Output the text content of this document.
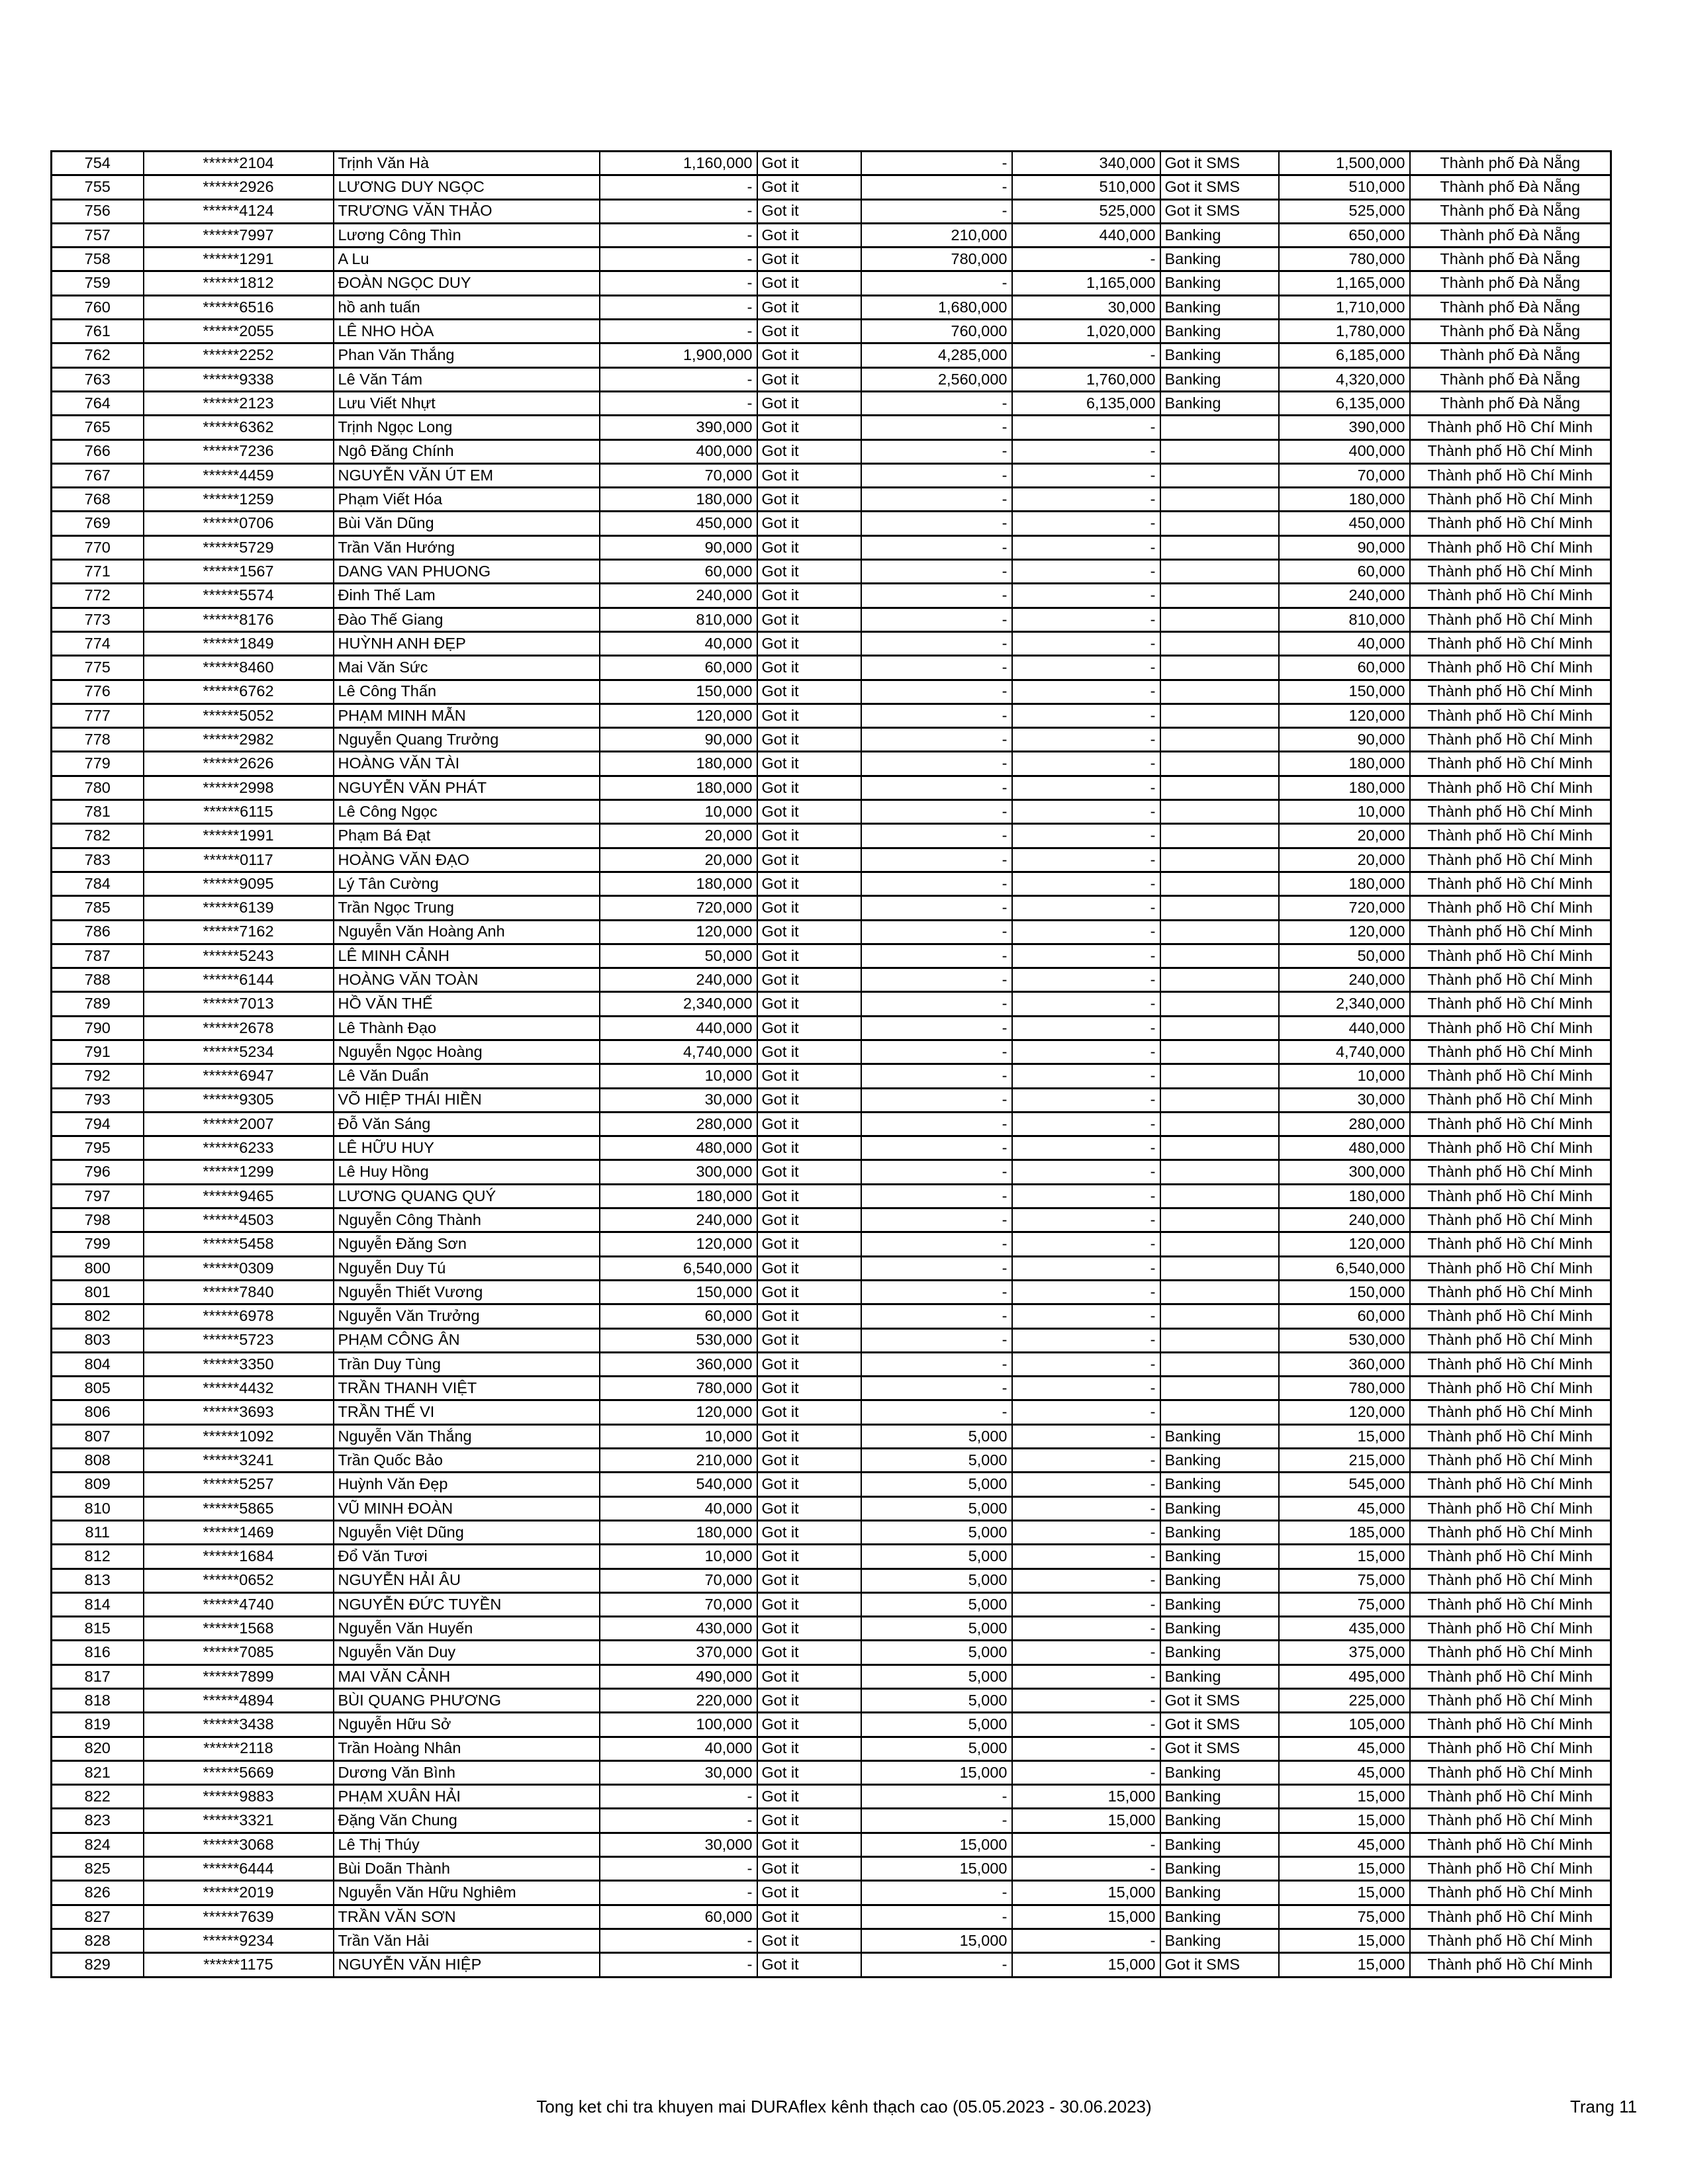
754	******2104	Trịnh Văn Hà	1,160,000	Got it	-	340,000	Got it SMS	1,500,000	Thành phố Đà Nẵng
755	******2926	LƯƠNG DUY NGỌC	-	Got it	-	510,000	Got it SMS	510,000	Thành phố Đà Nẵng
756	******4124	TRƯƠNG VĂN THẢO	-	Got it	-	525,000	Got it SMS	525,000	Thành phố Đà Nẵng
757	******7997	Lương Công Thìn	-	Got it	210,000	440,000	Banking	650,000	Thành phố Đà Nẵng
758	******1291	A Lu	-	Got it	780,000	-	Banking	780,000	Thành phố Đà Nẵng
759	******1812	ĐOÀN NGỌC DUY	-	Got it	-	1,165,000	Banking	1,165,000	Thành phố Đà Nẵng
760	******6516	hồ anh tuấn	-	Got it	1,680,000	30,000	Banking	1,710,000	Thành phố Đà Nẵng
761	******2055	LÊ NHO HÒA	-	Got it	760,000	1,020,000	Banking	1,780,000	Thành phố Đà Nẵng
762	******2252	Phan Văn Thắng	1,900,000	Got it	4,285,000	-	Banking	6,185,000	Thành phố Đà Nẵng
763	******9338	Lê Văn Tám	-	Got it	2,560,000	1,760,000	Banking	4,320,000	Thành phố Đà Nẵng
764	******2123	Lưu Viết Nhựt	-	Got it	-	6,135,000	Banking	6,135,000	Thành phố Đà Nẵng
765	******6362	Trịnh Ngọc Long	390,000	Got it	-	-		390,000	Thành phố Hồ Chí Minh
766	******7236	Ngô Đăng Chính	400,000	Got it	-	-		400,000	Thành phố Hồ Chí Minh
767	******4459	NGUYỄN VĂN ÚT EM	70,000	Got it	-	-		70,000	Thành phố Hồ Chí Minh
768	******1259	Phạm Viết Hóa	180,000	Got it	-	-		180,000	Thành phố Hồ Chí Minh
769	******0706	Bùi Văn Dũng	450,000	Got it	-	-		450,000	Thành phố Hồ Chí Minh
770	******5729	Trần Văn Hướng	90,000	Got it	-	-		90,000	Thành phố Hồ Chí Minh
771	******1567	DANG VAN PHUONG	60,000	Got it	-	-		60,000	Thành phố Hồ Chí Minh
772	******5574	Đinh Thế Lam	240,000	Got it	-	-		240,000	Thành phố Hồ Chí Minh
773	******8176	Đào Thế Giang	810,000	Got it	-	-		810,000	Thành phố Hồ Chí Minh
774	******1849	HUỲNH ANH ĐẸP	40,000	Got it	-	-		40,000	Thành phố Hồ Chí Minh
775	******8460	Mai Văn Sức	60,000	Got it	-	-		60,000	Thành phố Hồ Chí Minh
776	******6762	Lê Công Thấn	150,000	Got it	-	-		150,000	Thành phố Hồ Chí Minh
777	******5052	PHẠM MINH MẪN	120,000	Got it	-	-		120,000	Thành phố Hồ Chí Minh
778	******2982	Nguyễn Quang Trưởng	90,000	Got it	-	-		90,000	Thành phố Hồ Chí Minh
779	******2626	HOÀNG VĂN TÀI	180,000	Got it	-	-		180,000	Thành phố Hồ Chí Minh
780	******2998	NGUYỄN VĂN PHÁT	180,000	Got it	-	-		180,000	Thành phố Hồ Chí Minh
781	******6115	Lê Công Ngọc	10,000	Got it	-	-		10,000	Thành phố Hồ Chí Minh
782	******1991	Phạm Bá Đạt	20,000	Got it	-	-		20,000	Thành phố Hồ Chí Minh
783	******0117	HOÀNG VĂN ĐẠO	20,000	Got it	-	-		20,000	Thành phố Hồ Chí Minh
784	******9095	Lý Tân Cường	180,000	Got it	-	-		180,000	Thành phố Hồ Chí Minh
785	******6139	Trần Ngọc Trung	720,000	Got it	-	-		720,000	Thành phố Hồ Chí Minh
786	******7162	Nguyễn Văn Hoàng Anh	120,000	Got it	-	-		120,000	Thành phố Hồ Chí Minh
787	******5243	LÊ MINH CẢNH	50,000	Got it	-	-		50,000	Thành phố Hồ Chí Minh
788	******6144	HOÀNG VĂN TOÀN	240,000	Got it	-	-		240,000	Thành phố Hồ Chí Minh
789	******7013	HỒ VĂN THẾ	2,340,000	Got it	-	-		2,340,000	Thành phố Hồ Chí Minh
790	******2678	Lê Thành Đạo	440,000	Got it	-	-		440,000	Thành phố Hồ Chí Minh
791	******5234	Nguyễn Ngọc Hoàng	4,740,000	Got it	-	-		4,740,000	Thành phố Hồ Chí Minh
792	******6947	Lê Văn Duẩn	10,000	Got it	-	-		10,000	Thành phố Hồ Chí Minh
793	******9305	VÕ HIỆP THÁI HIỀN	30,000	Got it	-	-		30,000	Thành phố Hồ Chí Minh
794	******2007	Đỗ Văn Sáng	280,000	Got it	-	-		280,000	Thành phố Hồ Chí Minh
795	******6233	LÊ HỮU HUY	480,000	Got it	-	-		480,000	Thành phố Hồ Chí Minh
796	******1299	Lê Huy Hồng	300,000	Got it	-	-		300,000	Thành phố Hồ Chí Minh
797	******9465	LƯƠNG QUANG QUÝ	180,000	Got it	-	-		180,000	Thành phố Hồ Chí Minh
798	******4503	Nguyễn Công Thành	240,000	Got it	-	-		240,000	Thành phố Hồ Chí Minh
799	******5458	Nguyễn Đăng Sơn	120,000	Got it	-	-		120,000	Thành phố Hồ Chí Minh
800	******0309	Nguyễn Duy Tú	6,540,000	Got it	-	-		6,540,000	Thành phố Hồ Chí Minh
801	******7840	Nguyễn Thiết Vương	150,000	Got it	-	-		150,000	Thành phố Hồ Chí Minh
802	******6978	Nguyễn Văn Trưởng	60,000	Got it	-	-		60,000	Thành phố Hồ Chí Minh
803	******5723	PHẠM CÔNG ÂN	530,000	Got it	-	-		530,000	Thành phố Hồ Chí Minh
804	******3350	Trần Duy Tùng	360,000	Got it	-	-		360,000	Thành phố Hồ Chí Minh
805	******4432	TRẦN THANH VIỆT	780,000	Got it	-	-		780,000	Thành phố Hồ Chí Minh
806	******3693	TRẦN THẾ VI	120,000	Got it	-	-		120,000	Thành phố Hồ Chí Minh
807	******1092	Nguyễn Văn Thắng	10,000	Got it	5,000	-	Banking	15,000	Thành phố Hồ Chí Minh
808	******3241	Trần Quốc Bảo	210,000	Got it	5,000	-	Banking	215,000	Thành phố Hồ Chí Minh
809	******5257	Huỳnh Văn Đẹp	540,000	Got it	5,000	-	Banking	545,000	Thành phố Hồ Chí Minh
810	******5865	VŨ MINH ĐOÀN	40,000	Got it	5,000	-	Banking	45,000	Thành phố Hồ Chí Minh
811	******1469	Nguyễn Việt Dũng	180,000	Got it	5,000	-	Banking	185,000	Thành phố Hồ Chí Minh
812	******1684	Đổ Văn Tươi	10,000	Got it	5,000	-	Banking	15,000	Thành phố Hồ Chí Minh
813	******0652	NGUYỄN HẢI ÂU	70,000	Got it	5,000	-	Banking	75,000	Thành phố Hồ Chí Minh
814	******4740	NGUYỄN ĐỨC TUYỀN	70,000	Got it	5,000	-	Banking	75,000	Thành phố Hồ Chí Minh
815	******1568	Nguyễn Văn Huyến	430,000	Got it	5,000	-	Banking	435,000	Thành phố Hồ Chí Minh
816	******7085	Nguyễn Văn Duy	370,000	Got it	5,000	-	Banking	375,000	Thành phố Hồ Chí Minh
817	******7899	MAI VĂN CẢNH	490,000	Got it	5,000	-	Banking	495,000	Thành phố Hồ Chí Minh
818	******4894	BÙI QUANG PHƯƠNG	220,000	Got it	5,000	-	Got it SMS	225,000	Thành phố Hồ Chí Minh
819	******3438	Nguyễn Hữu Sở	100,000	Got it	5,000	-	Got it SMS	105,000	Thành phố Hồ Chí Minh
820	******2118	Trần Hoàng Nhân	40,000	Got it	5,000	-	Got it SMS	45,000	Thành phố Hồ Chí Minh
821	******5669	Dương Văn Bình	30,000	Got it	15,000	-	Banking	45,000	Thành phố Hồ Chí Minh
822	******9883	PHẠM XUÂN HẢI	-	Got it	-	15,000	Banking	15,000	Thành phố Hồ Chí Minh
823	******3321	Đặng Văn Chung	-	Got it	-	15,000	Banking	15,000	Thành phố Hồ Chí Minh
824	******3068	Lê Thị Thúy	30,000	Got it	15,000	-	Banking	45,000	Thành phố Hồ Chí Minh
825	******6444	Bùi Doãn Thành	-	Got it	15,000	-	Banking	15,000	Thành phố Hồ Chí Minh
826	******2019	Nguyễn Văn Hữu Nghiêm	-	Got it	-	15,000	Banking	15,000	Thành phố Hồ Chí Minh
827	******7639	TRẦN VĂN SƠN	60,000	Got it	-	15,000	Banking	75,000	Thành phố Hồ Chí Minh
828	******9234	Trần Văn Hải	-	Got it	15,000	-	Banking	15,000	Thành phố Hồ Chí Minh
829	******1175	NGUYỄN VĂN HIỆP	-	Got it	-	15,000	Got it SMS	15,000	Thành phố Hồ Chí Minh
Tong ket chi tra khuyen mai DURAflex kênh thạch cao (05.05.2023 - 30.06.2023)	Trang 11
